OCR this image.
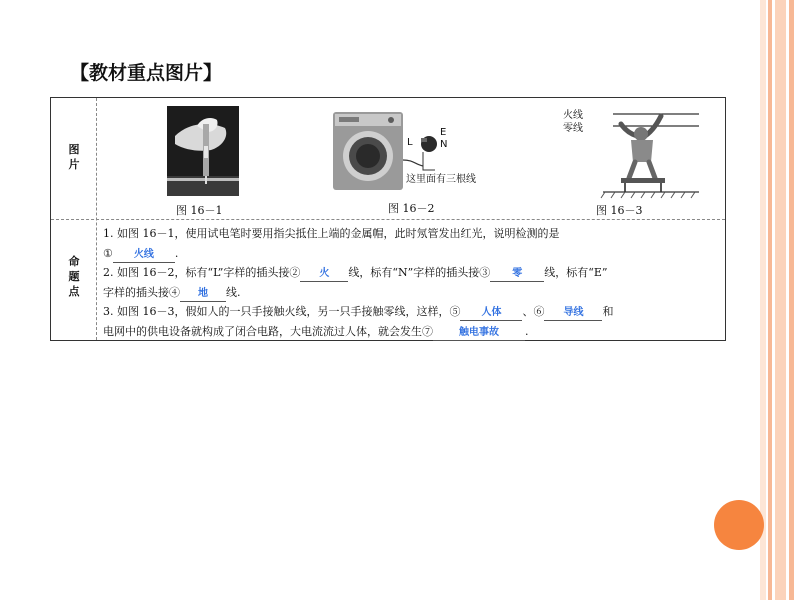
【教材重点图片】
图
片
命
题
点
图 16－1
L
E
N
这里面有三根线
图 16－2
火线
零线
图 16－3
1. 如图 16－1，使用试电笔时要用指尖抵住上端的金属帽，此时氖管发出红光，说明检测的是
① 火线 .
2. 如图 16－2，标有“L”字样的插头接② 火 线，标有“N”字样的插头接③ 零 线，标有“E”
字样的插头接④ 地 线.
3. 如图 16－3，假如人的一只手接触火线，另一只手接触零线，这样，⑤ 人体 、⑥ 导线 和
电网中的供电设备就构成了闭合电路，大电流流过人体，就会发生⑦	触电事故 .
